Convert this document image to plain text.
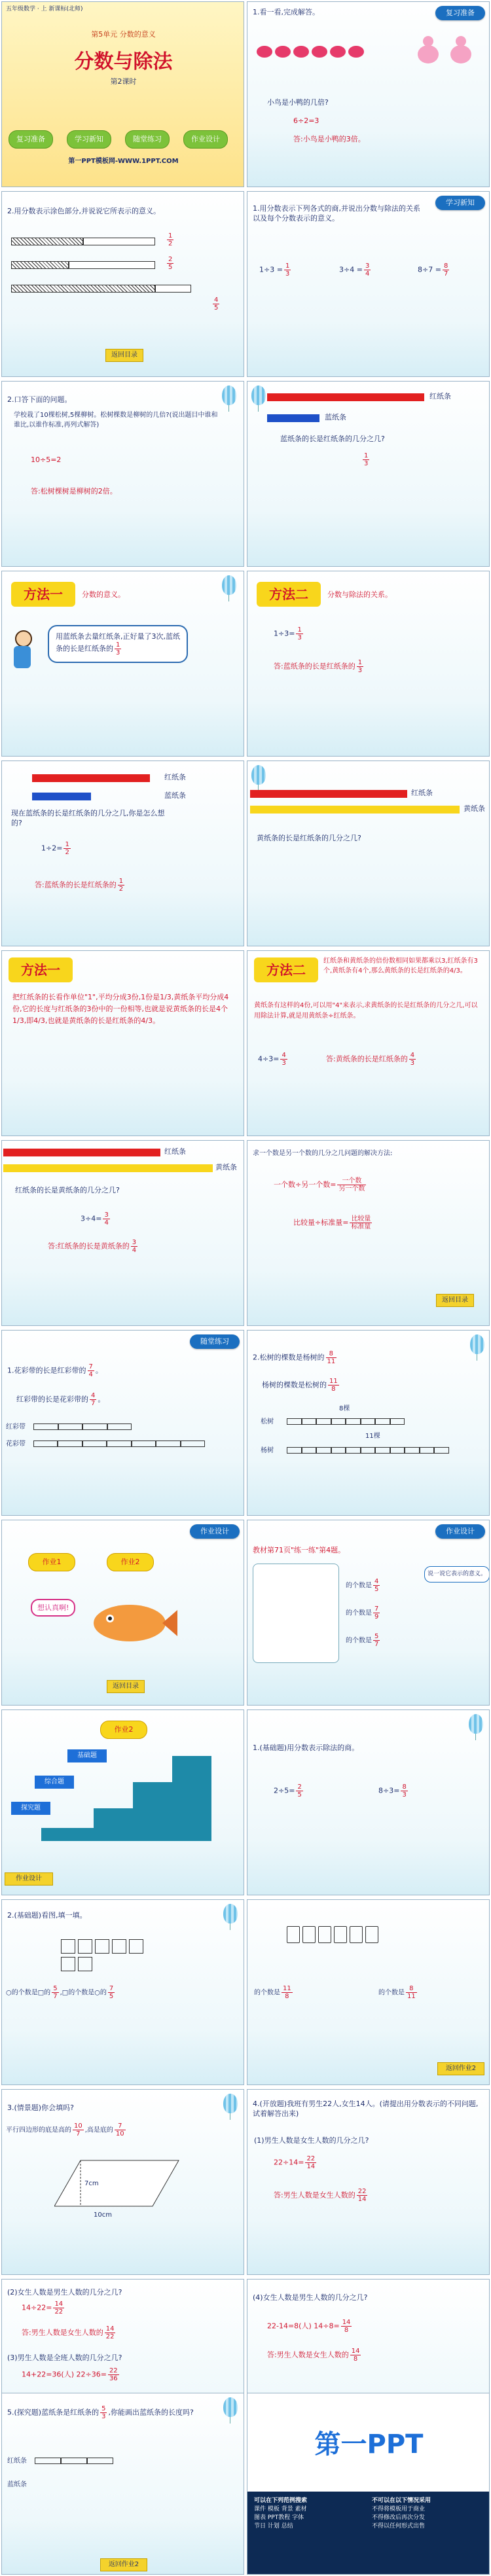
五年级数学 · 上 新课标(北师)
第5单元 分数的意义
分数与除法
第2课时
复习准备	学习新知	随堂练习	作业设计
第一PPT模板网-WWW.1PPT.COM
复习准备
1.看一看,完成解答。
小鸟是小鸭的几倍?
6÷2=3
答:小鸟是小鸭的3倍。
2.用分数表示涂色部分,并说说它所表示的意义。
$\frac{1}{2}$
$\frac{2}{5}$
$\frac{4}{5}$
返回目录
学习新知
1.用分数表示下列各式的商,并说出分数与除法的关系以及每个分数表示的意义。
$1\div 3 = \frac{1}{3}$	$3\div 4 = \frac{3}{4}$	$8\div 7 = \frac{8}{7}$
2.口答下面的问题。
学校栽了10棵松树,5棵柳树。松树棵数是柳树的几倍?(说出题目中谁和谁比,以谁作标准,再列式解答)
10÷5=2
答:松树棵树是柳树的2倍。
红纸条
蓝纸条
蓝纸条的长是红纸条的几分之几?
$\frac{1}{3}$
方法一	分数的意义。
用蓝纸条去量红纸条,正好量了3次,蓝纸条的长是红纸条的 $\frac{1}{3}$
方法二	分数与除法的关系。
$1\div 3= \frac{1}{3}$
答:蓝纸条的长是红纸条的 $\frac{1}{3}$
红纸条
蓝纸条
现在蓝纸条的长是红纸条的几分之几,你是怎么想的?
$1\div 2= \frac{1}{2}$
答:蓝纸条的长是红纸条的 $\frac{1}{2}$
红纸条
黄纸条
黄纸条的长是红纸条的几分之几?
方法一
把红纸条的长看作单位"1",平均分成3份,1份是1/3,黄纸条平均分成4份,它的长度与红纸条的3份中的一份相等,也就是说黄纸条的长是4个1/3,即4/3,也就是黄纸条的长是红纸条的4/3。
方法二
红纸条和黄纸条的倍份数相同如果都乘以3,红纸条有3个,黄纸条有4个,那么黄纸条的长是红纸条的4/3。
黄纸条有这样的4份,可以用"4"来表示,求黄纸条的长是红纸条的几分之几,可以用除法计算,就是用黄纸条÷红纸条。
$4\div 3= \frac{4}{3}$	答:黄纸条的长是红纸条的 $\frac{4}{3}$
红纸条
黄纸条
红纸条的长是黄纸条的几分之几?
$3\div 4= \frac{3}{4}$
答:红纸条的长是黄纸条的 $\frac{3}{4}$
求一个数是另一个数的几分之几问题的解决方法:
一个数÷另一个数= $\frac{\text{一个数}}{\text{另一个数}}$
比较量÷标准量= $\frac{\text{比较量}}{\text{标准量}}$
返回目录
随堂练习
1.花彩带的长是红彩带的 $\frac{7}{4}$ 。
红彩带的长是花彩带的 $\frac{4}{7}$ 。
红彩带
花彩带
2.松树的棵数是杨树的 $\frac{8}{11}$
杨树的棵数是松树的 $\frac{11}{8}$
8棵
松树
11棵
杨树
作业设计
作业1	作业2
想认真啊!
返回目录
作业设计
教材第71页"练一练"第4题。
的个数是 $\frac{4}{5}$
的个数是 $\frac{7}{9}$
的个数是 $\frac{5}{7}$
说一说它表示的意义。
作业2
基础题
综合题
探究题
作业设计
1.(基础题)用分数表示除法的商。
$2\div 5= \frac{2}{5}$	$8\div 3= \frac{8}{3}$
2.(基础题)看图,填一填。
○的个数是□的 $\frac{5}{7}$ ,□的个数是○的 $\frac{7}{5}$	的个数是 $\frac{11}{8}$	的个数是 $\frac{8}{11}$
返回作业2
3.(情景题)你会填吗?
平行四边形的底是高的 $\frac{10}{7}$ ,高是底的 $\frac{7}{10}$
7cm
10cm
4.(开放题)我班有男生22人,女生14人。(请提出用分数表示的不同问题,试着解答出来)
(1)男生人数是女生人数的几分之几?
$22\div 14= \frac{22}{14}$
答:男生人数是女生人数的 $\frac{22}{14}$
(2)女生人数是男生人数的几分之几?
$14\div 22= \frac{14}{22}$
答:男生人数是女生人数的 $\frac{14}{22}$
(3)男生人数是全班人数的几分之几?
14+22=36(人) $22\div 36= \frac{22}{36}$
(4)女生人数是男生人数的几分之几?
22-14=8(人) $14\div 8= \frac{14}{8}$
答:男生人数是女生人数的 $\frac{14}{8}$
5.(探究题)蓝纸条是红纸条的 $\frac{5}{3}$ ,你能画出蓝纸条的长度吗?
红纸条
蓝纸条
返回作业2
第一PPT
可以在下列范例搜索
课件 模板 背景 素材
图表 PPT教程 字体
节日 计划 总结
不可以在以下情况采用
不得将模板用于商业
不得修改后再次分发
不得以任何形式出售
